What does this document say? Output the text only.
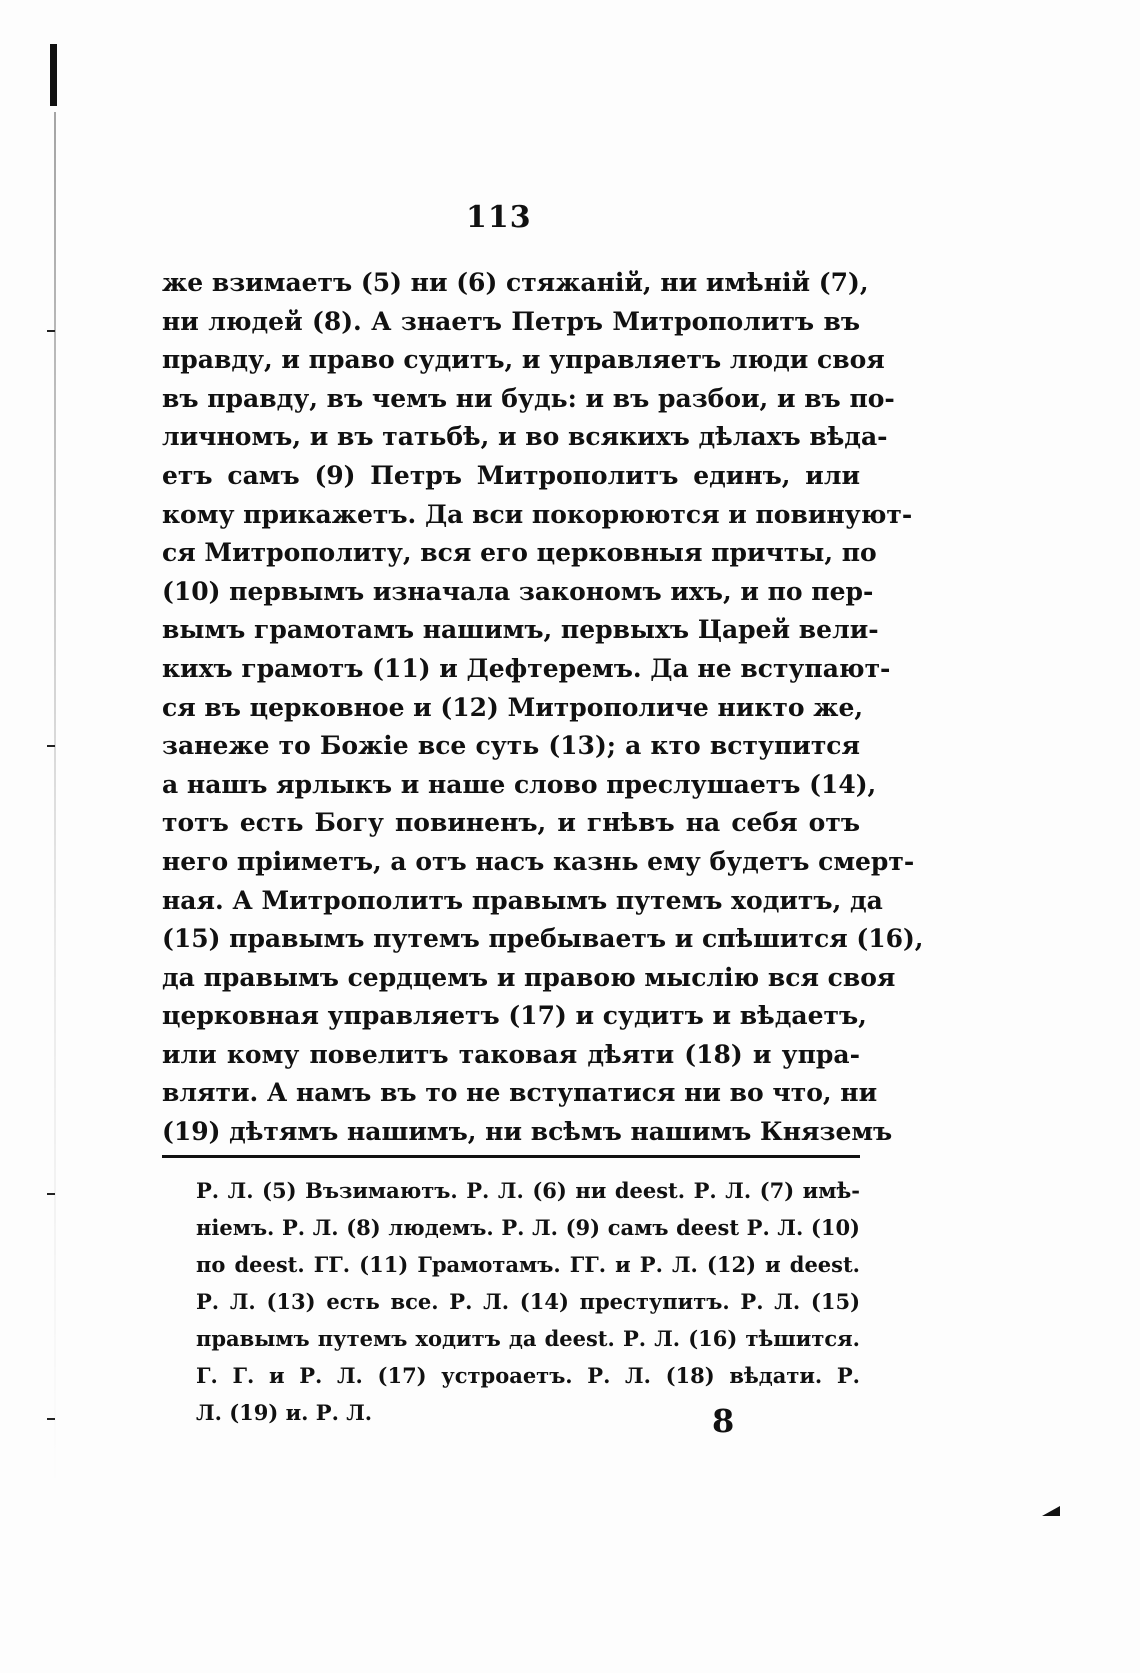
113
же взимаетъ (5) ни (6) стяжаній, ни имѣній (7),
ни людей (8). А знаетъ Петръ Митрополитъ въ
правду, и право судитъ, и управляетъ люди своя
въ правду, въ чемъ ни будь: и въ разбои, и въ по-
личномъ, и въ татьбѣ, и во всякихъ дѣлахъ вѣда-
етъ самъ (9) Петръ Митрополитъ единъ, или
кому прикажетъ. Да вси покорюются и повинуют-
ся Митрополиту, вся его церковныя причты, по
(10) первымъ изначала закономъ ихъ, и по пер-
вымъ грамотамъ нашимъ, первыхъ Царей вели-
кихъ грамотъ (11) и Дефтеремъ. Да не вступают-
ся въ церковное и (12) Митрополиче никто же,
занеже то Божіе все суть (13); а кто вступится
а нашъ ярлыкъ и наше слово преслушаетъ (14),
тотъ есть Богу повиненъ, и гнѣвъ на себя отъ
него пріиметъ, а отъ насъ казнь ему будетъ смерт-
ная. А Митрополитъ правымъ путемъ ходитъ, да
(15) правымъ путемъ пребываетъ и спѣшится (16),
да правымъ сердцемъ и правою мыслію вся своя
церковная управляетъ (17) и судитъ и вѣдаетъ,
или кому повелитъ таковая дѣяти (18) и упра-
вляти. А намъ въ то не вступатися ни во что, ни
(19) дѣтямъ нашимъ, ни всѣмъ нашимъ Княземъ
Р. Л. (5) Възимаютъ. Р. Л. (6) ни deest. Р. Л. (7) имѣ-
ніемъ. Р. Л. (8) людемъ. Р. Л. (9) самъ deest Р. Л. (10)
по deest. ГГ. (11) Грамотамъ. ГГ. и Р. Л. (12) и deest.
Р. Л. (13) есть все. Р. Л. (14) преступитъ. Р. Л. (15)
правымъ путемъ ходитъ да deest. Р. Л. (16) тѣшится.
Г. Г. и Р. Л. (17) устроаетъ. Р. Л. (18) вѣдати. Р.
Л. (19) и. Р. Л.	8
